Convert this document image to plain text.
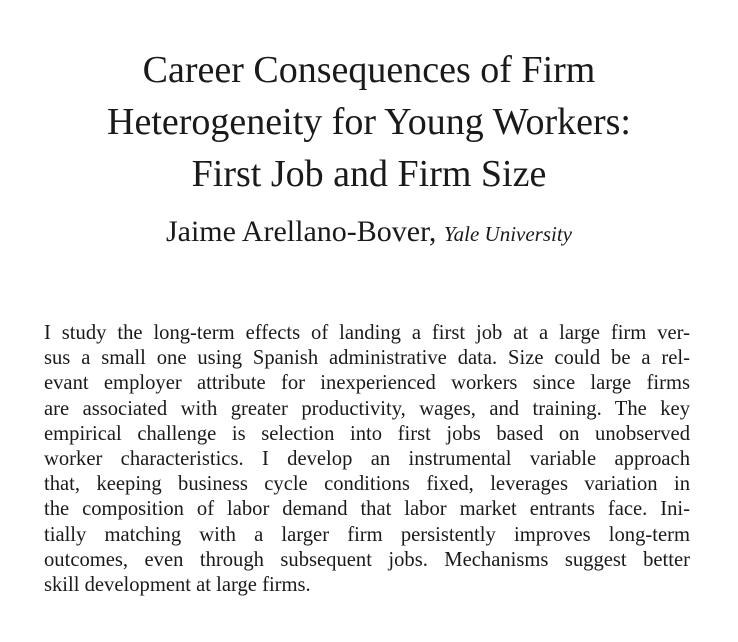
Career Consequences of Firm
Heterogeneity for Young Workers:
First Job and Firm Size
Jaime Arellano-Bover, Yale University

I study the long-term effects of landing a first job at a large firm ver-
sus a small one using Spanish administrative data. Size could be a rel-
evant employer attribute for inexperienced workers since large firms
are associated with greater productivity, wages, and training. The key
empirical challenge is selection into first jobs based on unobserved
worker characteristics. I develop an instrumental variable approach
that, keeping business cycle conditions fixed, leverages variation in
the composition of labor demand that labor market entrants face. Ini-
tially matching with a larger firm persistently improves long-term
outcomes, even through subsequent jobs. Mechanisms suggest better
skill development at large firms.
